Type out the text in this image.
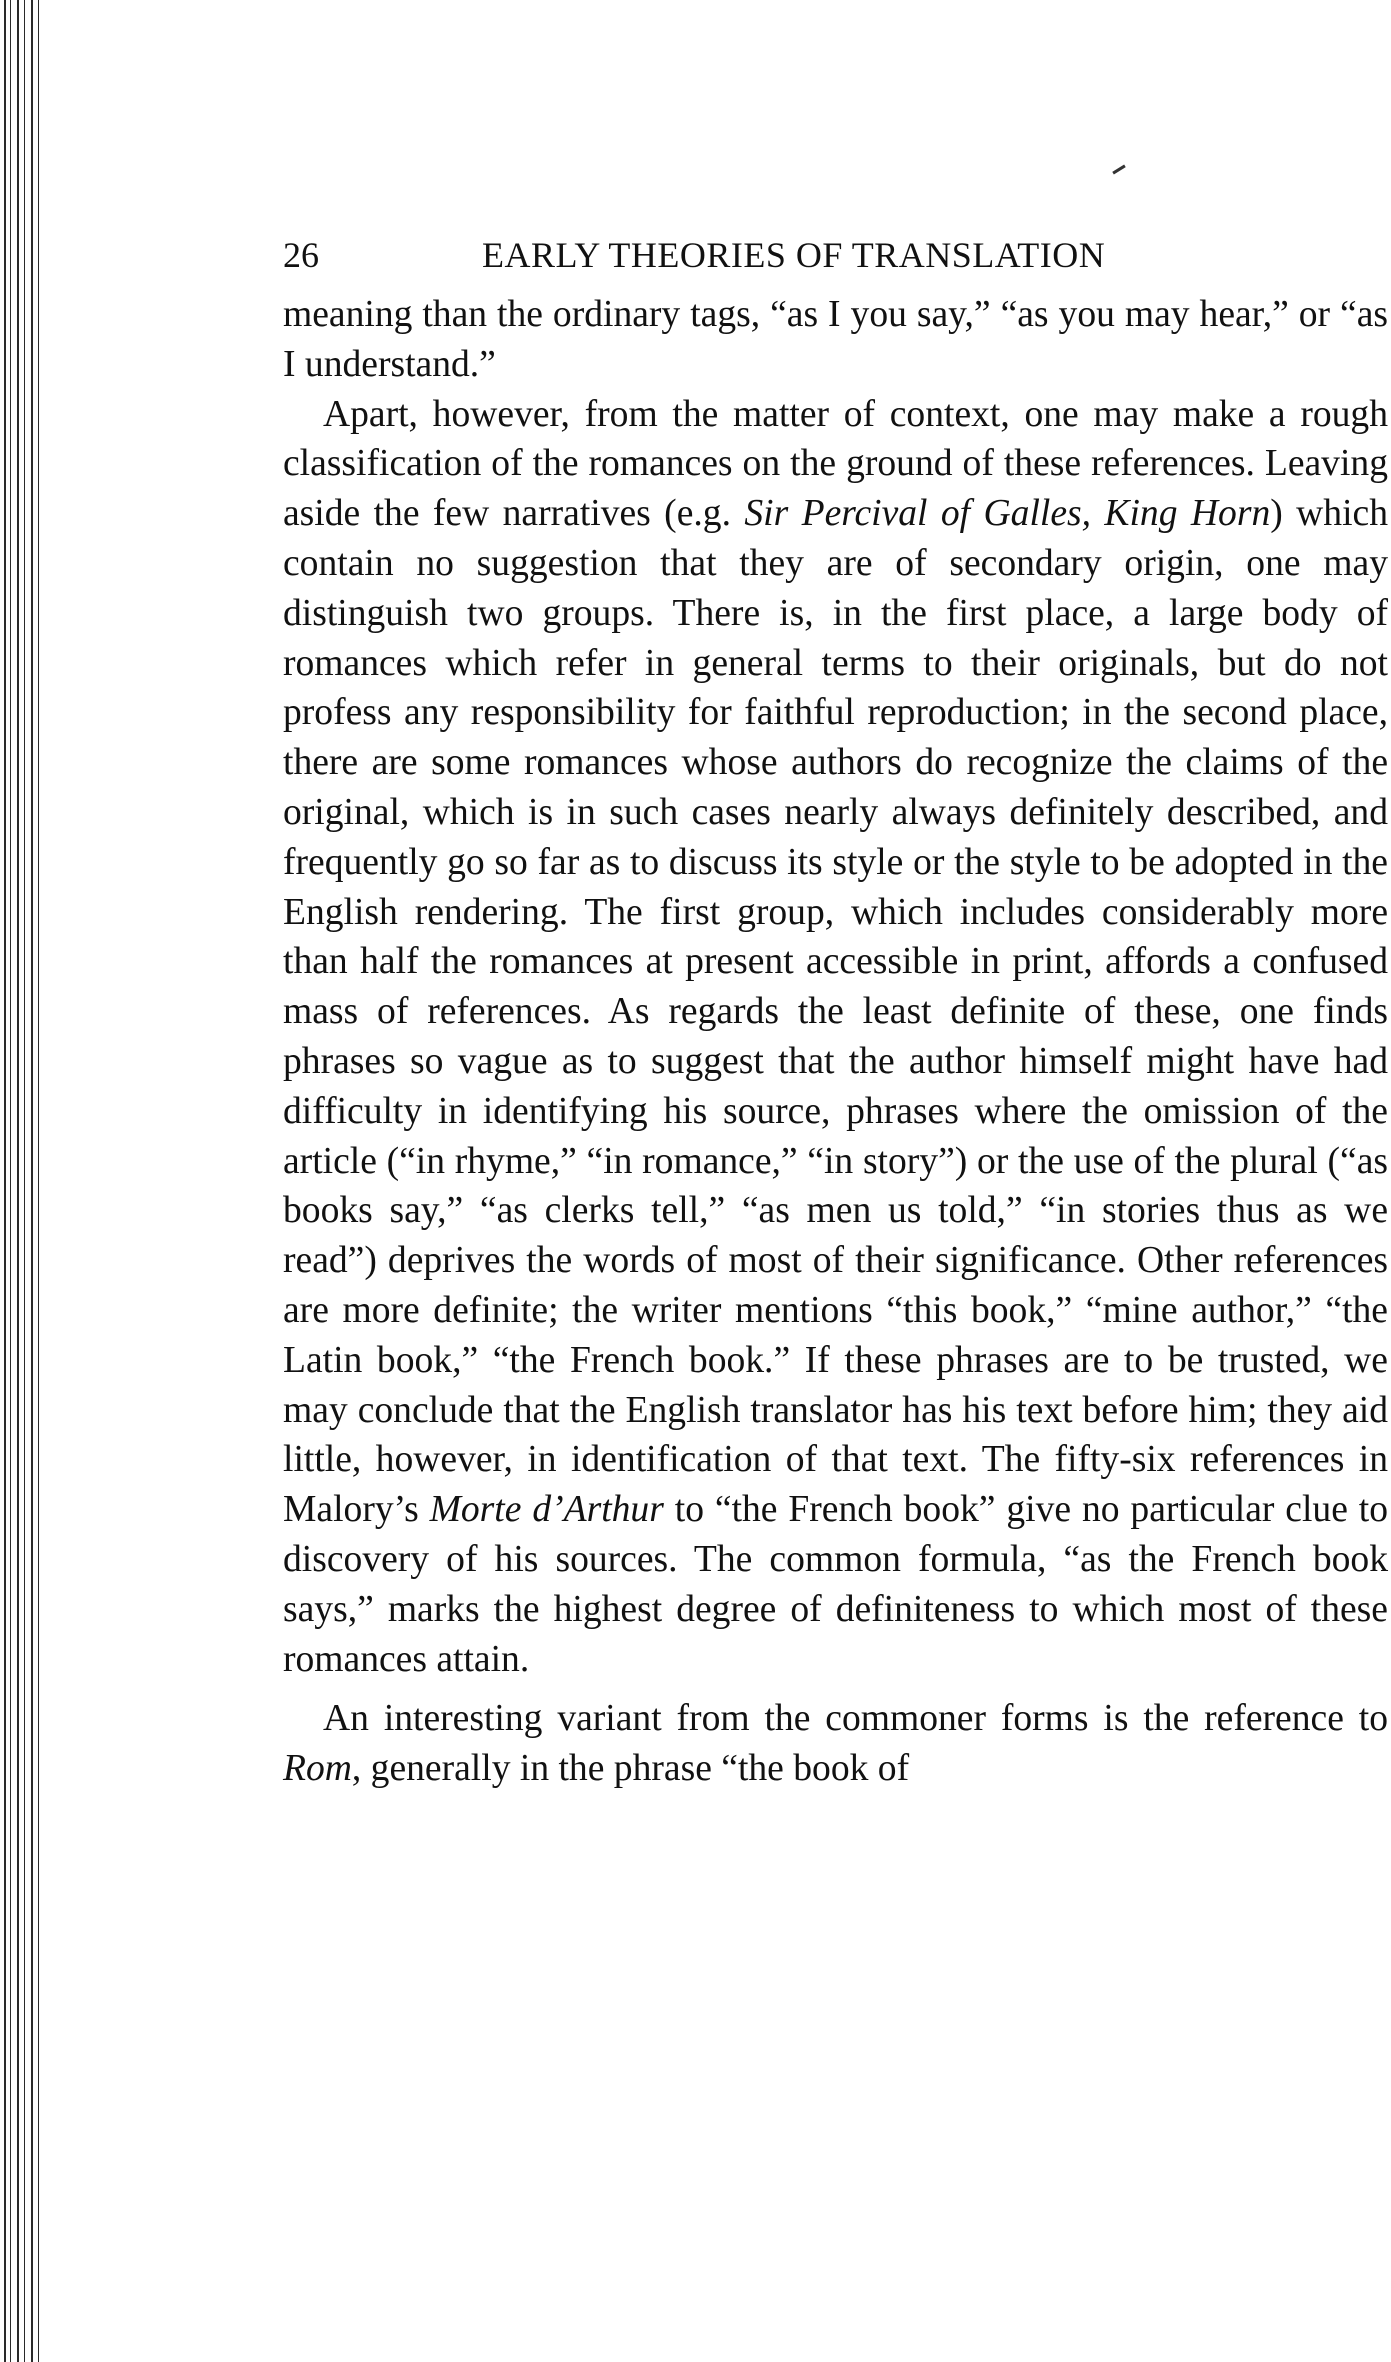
26	EARLY THEORIES OF TRANSLATION

meaning than the ordinary tags, “as I you say,” “as you may hear,” or “as I understand.”

Apart, however, from the matter of context, one may make a rough classification of the romances on the ground of these references. Leaving aside the few narratives (e.g. Sir Percival of Galles, King Horn) which contain no suggestion that they are of secondary origin, one may distinguish two groups. There is, in the first place, a large body of romances which refer in general terms to their originals, but do not profess any responsibility for faithful reproduction; in the second place, there are some romances whose authors do recognize the claims of the original, which is in such cases nearly always definitely described, and frequently go so far as to discuss its style or the style to be adopted in the English rendering. The first group, which includes considerably more than half the romances at present accessible in print, affords a confused mass of references. As regards the least definite of these, one finds phrases so vague as to suggest that the author himself might have had difficulty in identifying his source, phrases where the omission of the article (“in rhyme,” “in romance,” “in story”) or the use of the plural (“as books say,” “as clerks tell,” “as men us told,” “in stories thus as we read”) deprives the words of most of their significance. Other references are more definite; the writer mentions “this book,” “mine author,” “the Latin book,” “the French book.” If these phrases are to be trusted, we may conclude that the English translator has his text before him; they aid little, however, in identification of that text. The fifty-six references in Malory’s Morte d’Arthur to “the French book” give no particular clue to discovery of his sources. The common formula, “as the French book says,” marks the highest degree of definiteness to which most of these romances attain.

An interesting variant from the commoner forms is the reference to Rom, generally in the phrase “the book of
